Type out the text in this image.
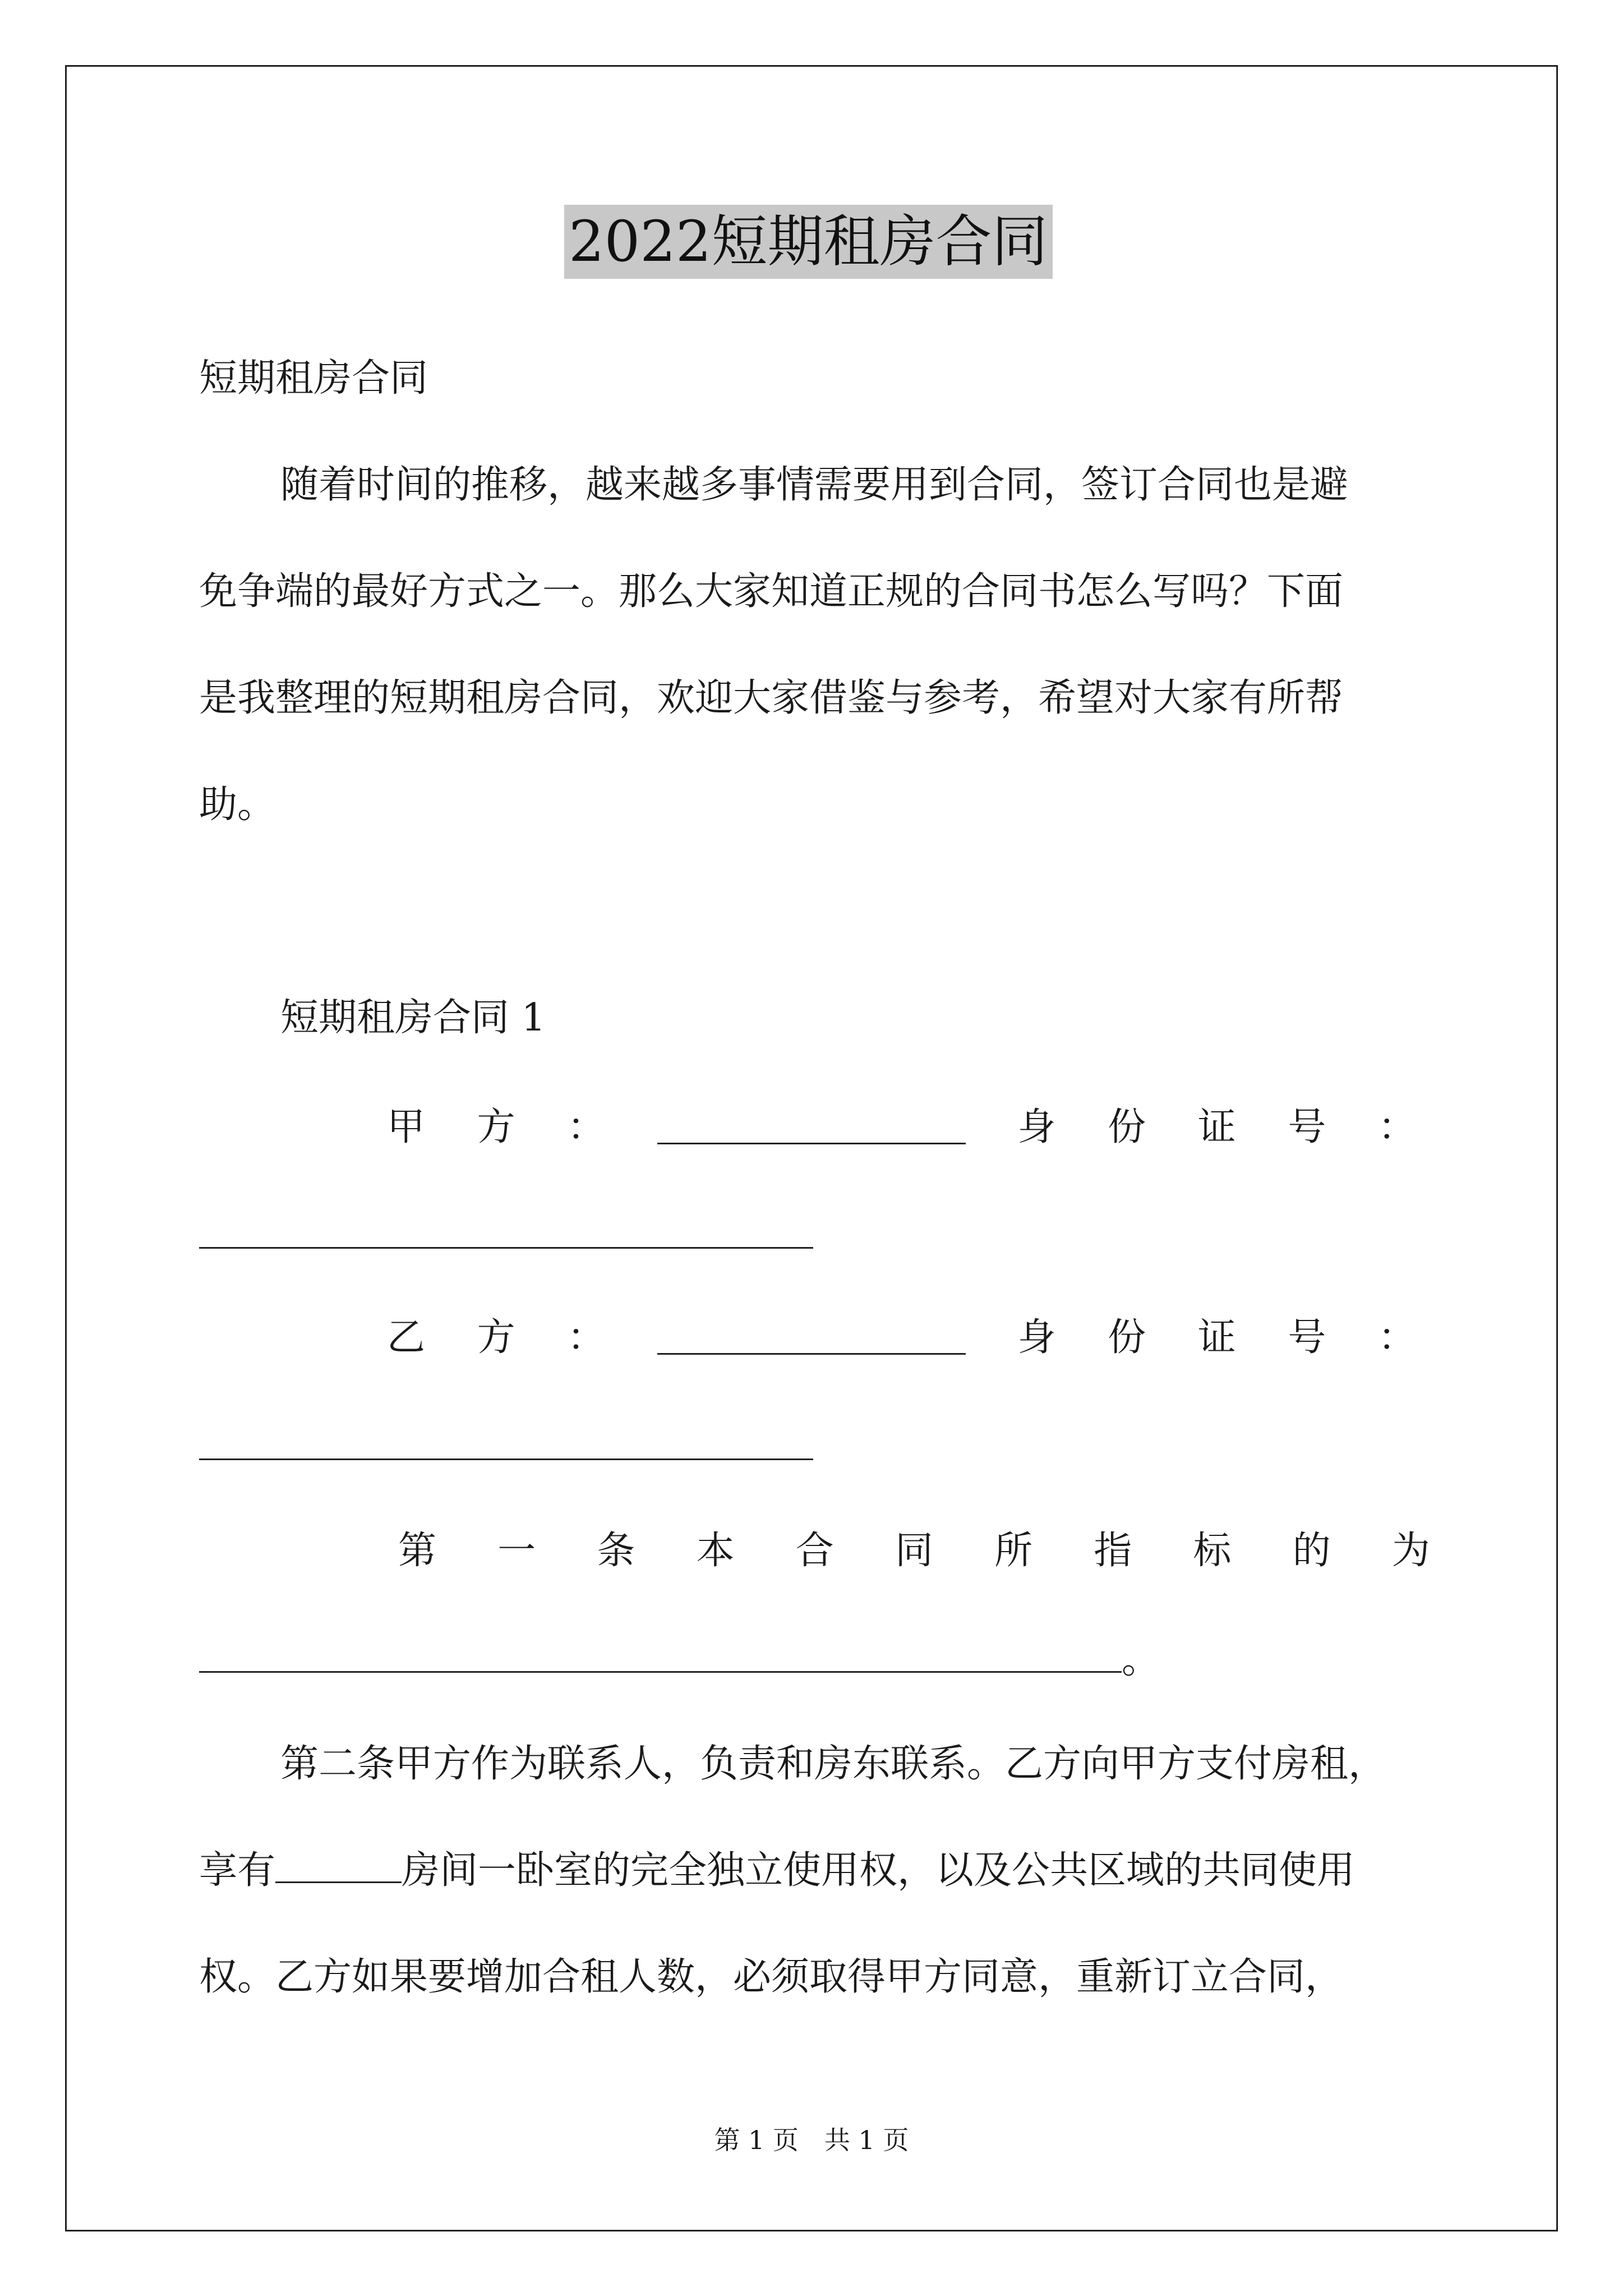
2022短期租房合同
短期租房合同
随着时间的推移，越来越多事情需要用到合同，签订合同也是避
免争端的最好方式之一。那么大家知道正规的合同书怎么写吗？下面
是我整理的短期租房合同，欢迎大家借鉴与参考，希望对大家有所帮
助。
短期租房合同 1
甲 方 ：	身 份 证 号 ：
乙 方 ：	身 份 证 号 ：
第 一 条 本 合 同 所 指 标 的 为
。
第二条甲方作为联系人，负责和房东联系。乙方向甲方支付房租，
享有	房间一卧室的完全独立使用权，以及公共区域的共同使用
权。乙方如果要增加合租人数，必须取得甲方同意，重新订立合同，
第 1 页　共 1 页
